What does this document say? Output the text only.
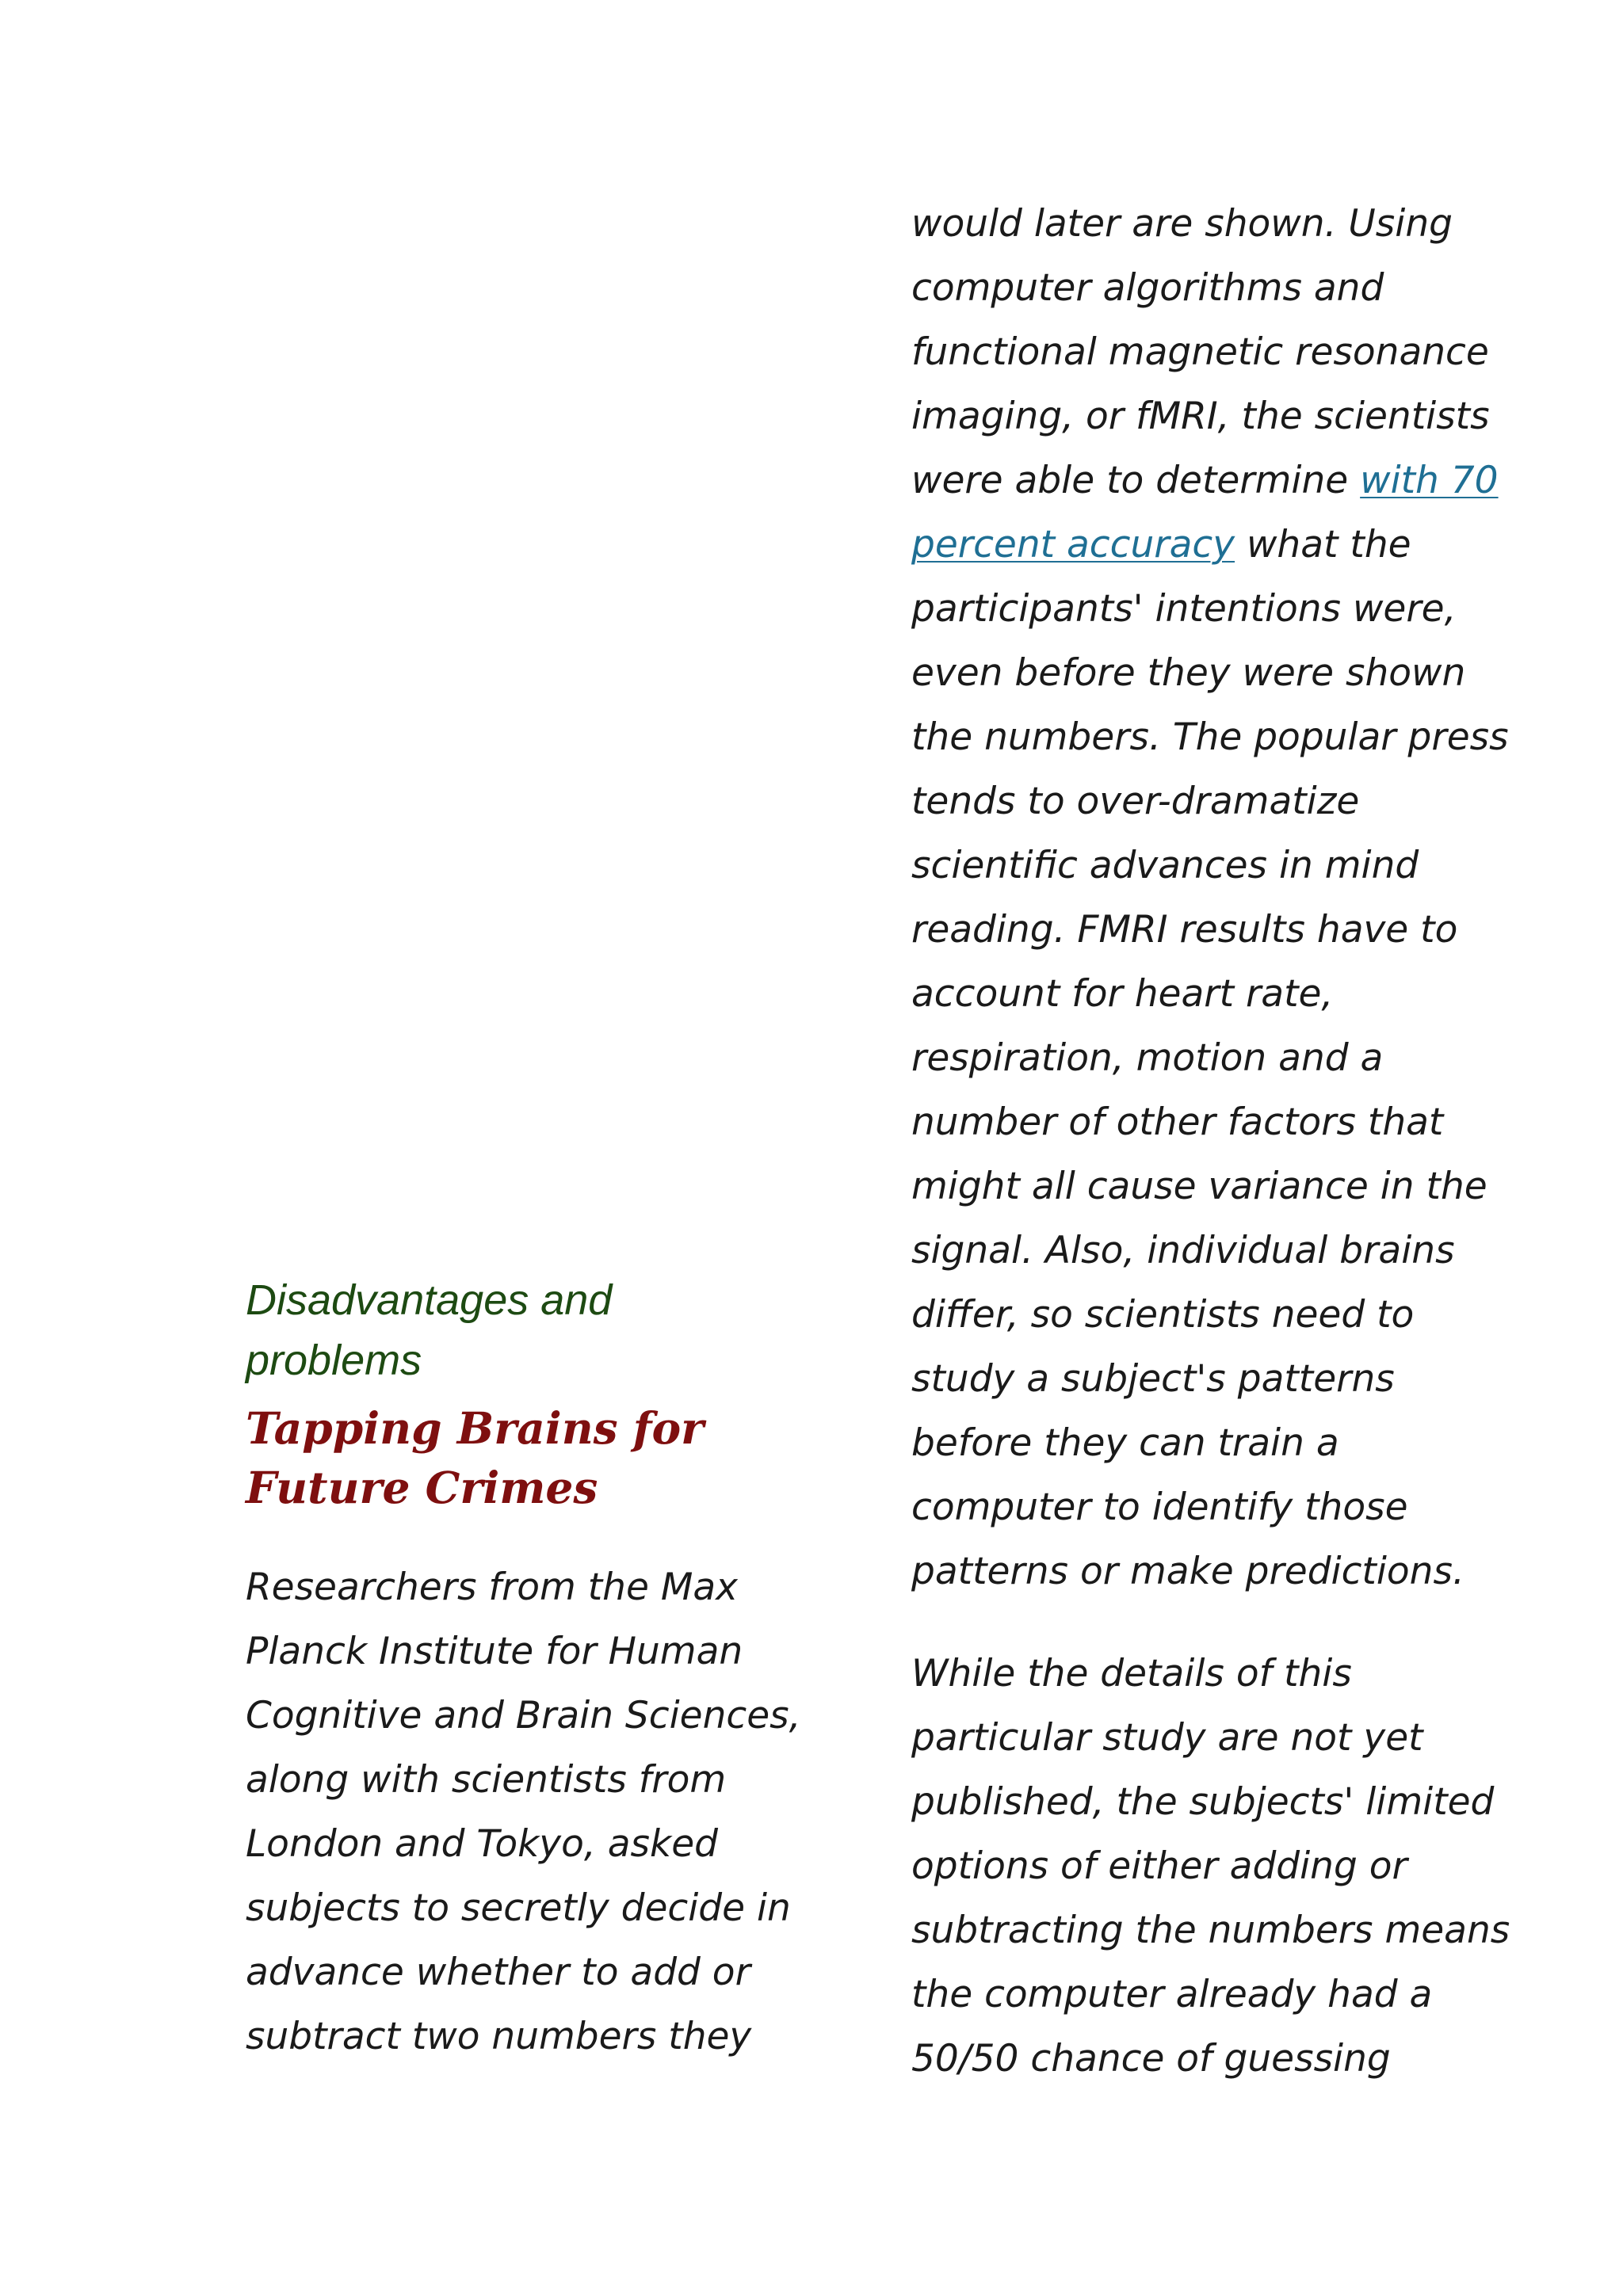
Disadvantages and
problems
Tapping Brains for
Future Crimes
Researchers from the Max
Planck Institute for Human
Cognitive and Brain Sciences,
along with scientists from
London and Tokyo, asked
subjects to secretly decide in
advance whether to add or
subtract two numbers they
would later are shown. Using
computer algorithms and
functional magnetic resonance
imaging, or fMRI, the scientists
were able to determine with 70
percent accuracy what the
participants' intentions were,
even before they were shown
the numbers. The popular press
tends to over-dramatize
scientific advances in mind
reading. FMRI results have to
account for heart rate,
respiration, motion and a
number of other factors that
might all cause variance in the
signal. Also, individual brains
differ, so scientists need to
study a subject's patterns
before they can train a
computer to identify those
patterns or make predictions.
While the details of this
particular study are not yet
published, the subjects' limited
options of either adding or
subtracting the numbers means
the computer already had a
50/50 chance of guessing
